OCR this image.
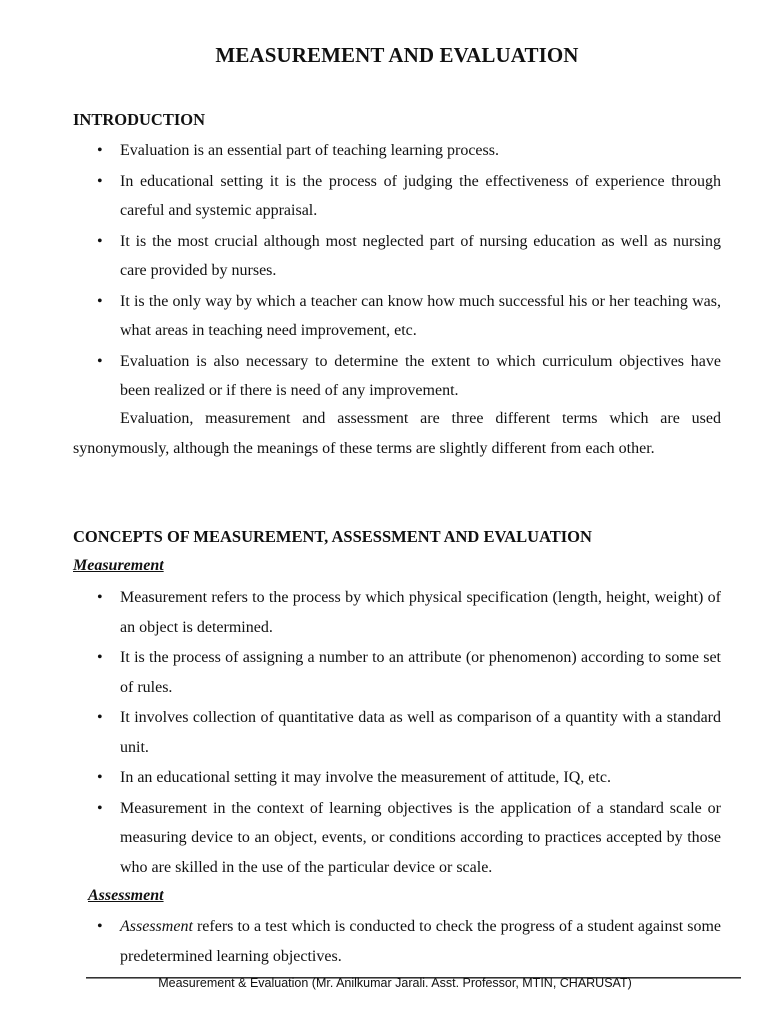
MEASUREMENT AND EVALUATION
INTRODUCTION
• Evaluation is an essential part of teaching learning process.
• In educational setting it is the process of judging the effectiveness of experience through careful and systemic appraisal.
• It is the most crucial although most neglected part of nursing education as well as nursing care provided by nurses.
• It is the only way by which a teacher can know how much successful his or her teaching was, what areas in teaching need improvement, etc.
• Evaluation is also necessary to determine the extent to which curriculum objectives have been realized or if there is need of any improvement.

Evaluation, measurement and assessment are three different terms which are used synonymously, although the meanings of these terms are slightly different from each other.

CONCEPTS OF MEASUREMENT, ASSESSMENT AND EVALUATION
Measurement
• Measurement refers to the process by which physical specification (length, height, weight) of an object is determined.
• It is the process of assigning a number to an attribute (or phenomenon) according to some set of rules.
• It involves collection of quantitative data as well as comparison of a quantity with a standard unit.
• In an educational setting it may involve the measurement of attitude, IQ, etc.
• Measurement in the context of learning objectives is the application of a standard scale or measuring device to an object, events, or conditions according to practices accepted by those who are skilled in the use of the particular device or scale.
Assessment
• Assessment refers to a test which is conducted to check the progress of a student against some predetermined learning objectives.
Measurement & Evaluation (Mr. Anilkumar Jarali. Asst. Professor, MTIN, CHARUSAT)
